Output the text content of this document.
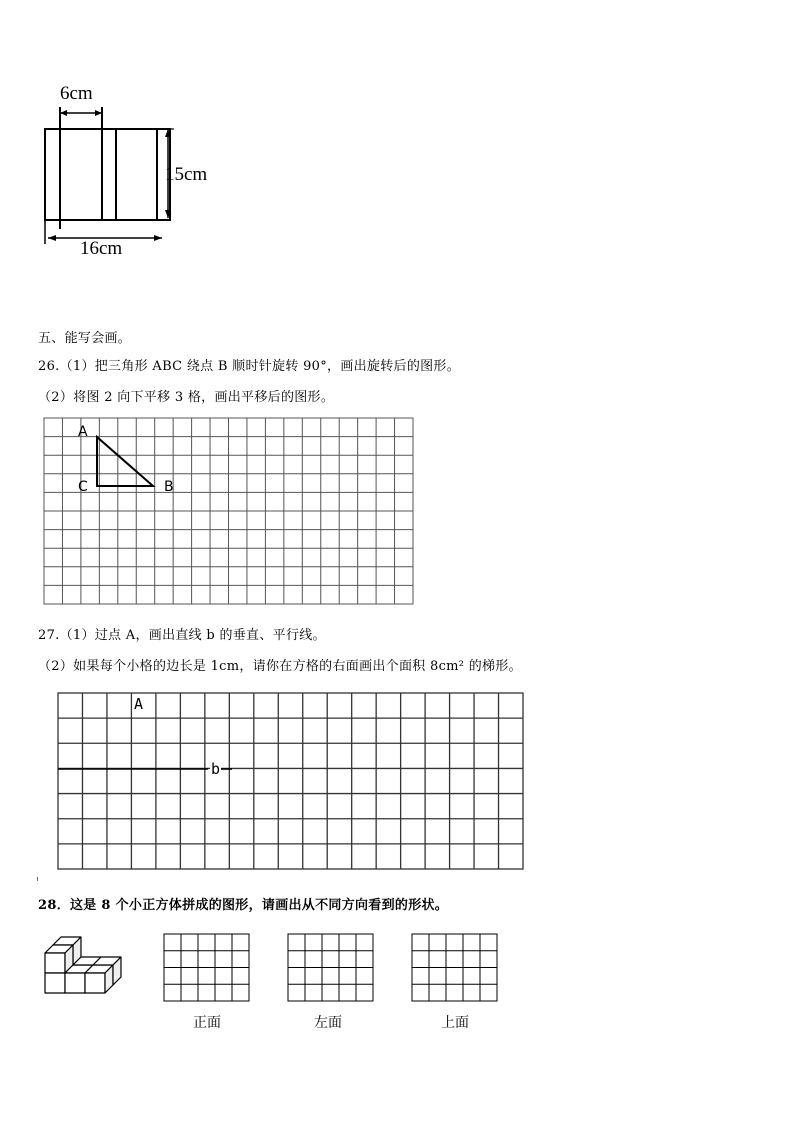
6cm
15cm
16cm
五、能写会画。
26.（1）把三角形 ABC 绕点 B 顺时针旋转 90°，画出旋转后的图形。
（2）将图 2 向下平移 3 格，画出平移后的图形。
A
C	B
27.（1）过点 A，画出直线 b 的垂直、平行线。
（2）如果每个小格的边长是 1cm，请你在方格的右面画出个面积 8cm² 的梯形。
A
b
28．这是 8 个小正方体拼成的图形，请画出从不同方向看到的形状。
正面	左面	上面
